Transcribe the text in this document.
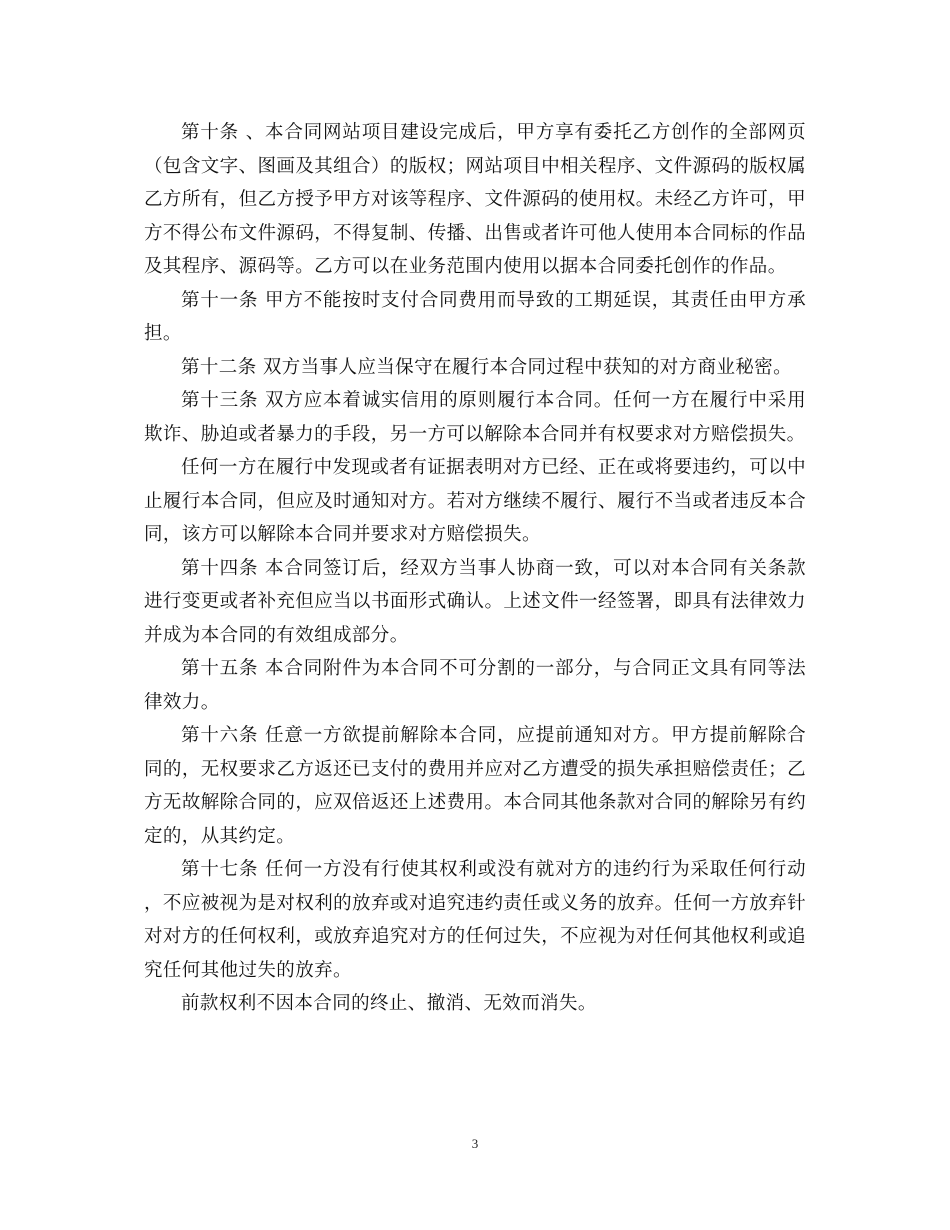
第十条 、本合同网站项目建设完成后，甲方享有委托乙方创作的全部网页（包含文字、图画及其组合）的版权；网站项目中相关程序、文件源码的版权属乙方所有，但乙方授予甲方对该等程序、文件源码的使用权。未经乙方许可，甲方不得公布文件源码，不得复制、传播、出售或者许可他人使用本合同标的作品及其程序、源码等。乙方可以在业务范围内使用以据本合同委托创作的作品。

第十一条 甲方不能按时支付合同费用而导致的工期延误，其责任由甲方承担。

第十二条 双方当事人应当保守在履行本合同过程中获知的对方商业秘密。

第十三条 双方应本着诚实信用的原则履行本合同。任何一方在履行中采用欺诈、胁迫或者暴力的手段，另一方可以解除本合同并有权要求对方赔偿损失。

任何一方在履行中发现或者有证据表明对方已经、正在或将要违约，可以中止履行本合同，但应及时通知对方。若对方继续不履行、履行不当或者违反本合同，该方可以解除本合同并要求对方赔偿损失。

第十四条 本合同签订后，经双方当事人协商一致，可以对本合同有关条款进行变更或者补充但应当以书面形式确认。上述文件一经签署，即具有法律效力并成为本合同的有效组成部分。

第十五条 本合同附件为本合同不可分割的一部分，与合同正文具有同等法律效力。

第十六条 任意一方欲提前解除本合同，应提前通知对方。甲方提前解除合同的，无权要求乙方返还已支付的费用并应对乙方遭受的损失承担赔偿责任；乙方无故解除合同的，应双倍返还上述费用。本合同其他条款对合同的解除另有约定的，从其约定。

第十七条 任何一方没有行使其权利或没有就对方的违约行为采取任何行动，不应被视为是对权利的放弃或对追究违约责任或义务的放弃。任何一方放弃针对对方的任何权利，或放弃追究对方的任何过失，不应视为对任何其他权利或追究任何其他过失的放弃。

前款权利不因本合同的终止、撤消、无效而消失。

3
